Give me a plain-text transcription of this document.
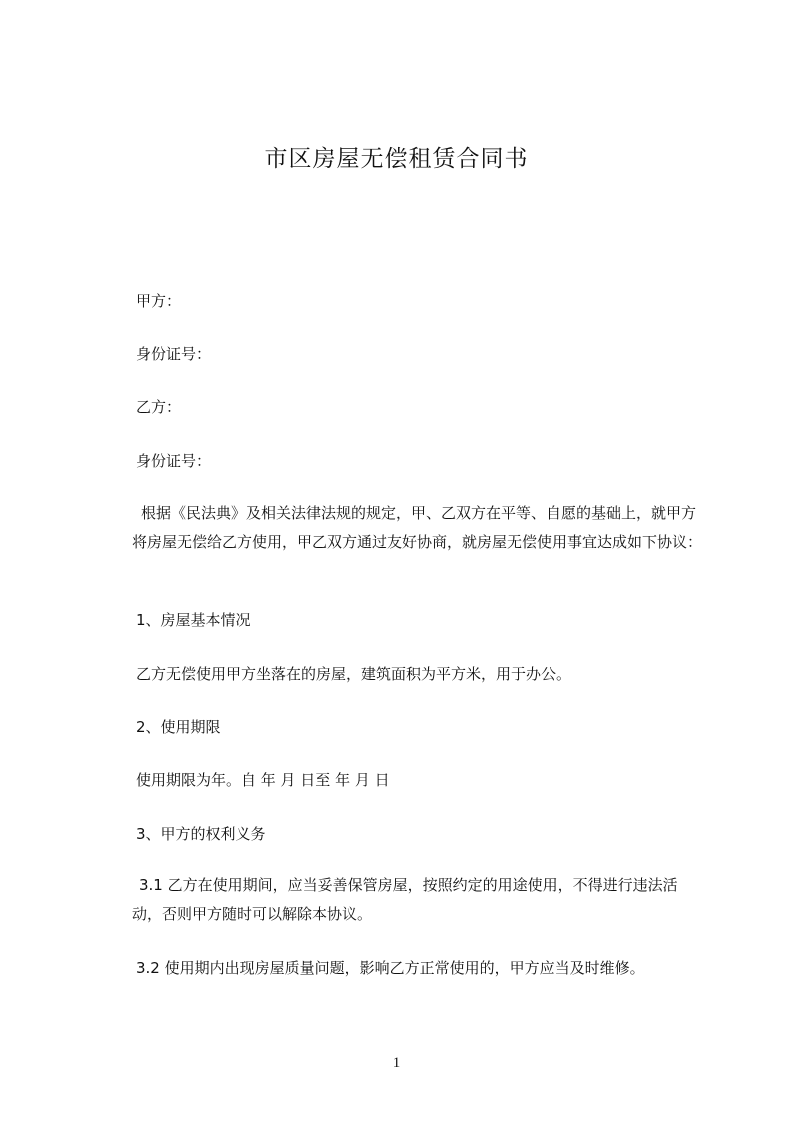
市区房屋无偿租赁合同书
甲方：
身份证号：
乙方：
身份证号：
根据《民法典》及相关法律法规的规定，甲、乙双方在平等、自愿的基础上，就甲方将房屋无偿给乙方使用，甲乙双方通过友好协商，就房屋无偿使用事宜达成如下协议：
1、房屋基本情况
乙方无偿使用甲方坐落在的房屋，建筑面积为平方米，用于办公。
2、使用期限
使用期限为年。自 年 月 日至 年 月 日
3、甲方的权利义务
3.1 乙方在使用期间，应当妥善保管房屋，按照约定的用途使用，不得进行违法活动，否则甲方随时可以解除本协议。
3.2 使用期内出现房屋质量问题，影响乙方正常使用的，甲方应当及时维修。
1
